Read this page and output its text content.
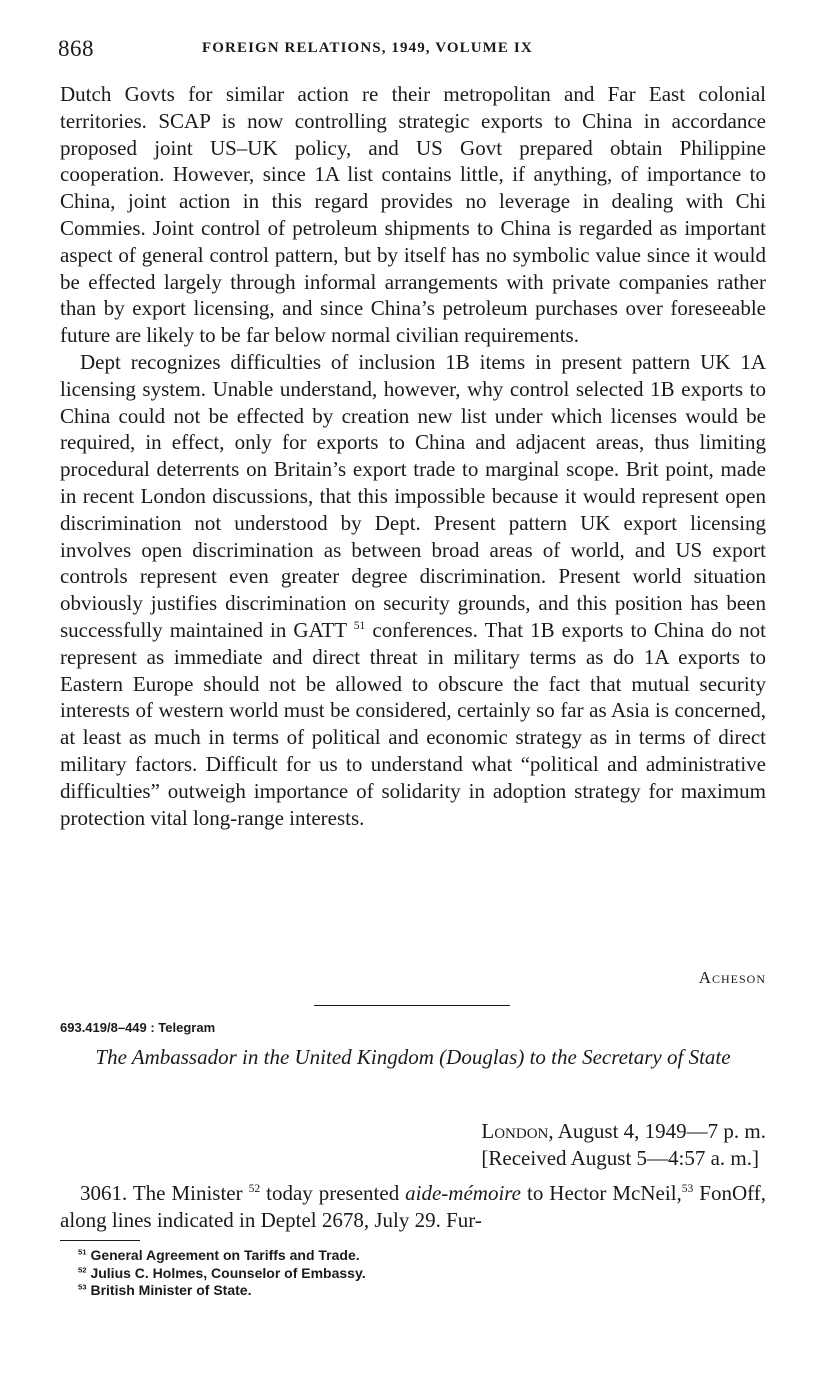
868	FOREIGN RELATIONS, 1949, VOLUME IX

Dutch Govts for similar action re their metropolitan and Far East colonial territories. SCAP is now controlling strategic exports to China in accordance proposed joint US–UK policy, and US Govt prepared obtain Philippine cooperation. However, since 1A list contains little, if anything, of importance to China, joint action in this regard provides no leverage in dealing with Chi Commies. Joint control of petroleum shipments to China is regarded as important aspect of general control pattern, but by itself has no symbolic value since it would be effected largely through informal arrangements with private companies rather than by export licensing, and since China’s petroleum purchases over foreseeable future are likely to be far below normal civilian requirements.

Dept recognizes difficulties of inclusion 1B items in present pattern UK 1A licensing system. Unable understand, however, why control selected 1B exports to China could not be effected by creation new list under which licenses would be required, in effect, only for exports to China and adjacent areas, thus limiting procedural deterrents on Britain’s export trade to marginal scope. Brit point, made in recent London discussions, that this impossible because it would represent open discrimination not understood by Dept. Present pattern UK export licensing involves open discrimination as between broad areas of world, and US export controls represent even greater degree discrimination. Present world situation obviously justifies discrimination on security grounds, and this position has been successfully maintained in GATT $^{51}$ conferences. That 1B exports to China do not represent as immediate and direct threat in military terms as do 1A exports to Eastern Europe should not be allowed to obscure the fact that mutual security interests of western world must be considered, certainly so far as Asia is concerned, at least as much in terms of political and economic strategy as in terms of direct military factors. Difficult for us to understand what “political and administrative difficulties” outweigh importance of solidarity in adoption strategy for maximum protection vital long-range interests.

Acheson
693.419/8–449 : Telegram
The Ambassador in the United Kingdom (Douglas) to the Secretary of State
London, August 4, 1949—7 p. m.
[Received August 5—4:57 a. m.]
3061. The Minister $^{52}$ today presented aide-mémoire to Hector McNeil,$^{53}$ FonOff, along lines indicated in Deptel 2678, July 29. Fur-
$^{51}$ General Agreement on Tariffs and Trade.
$^{52}$ Julius C. Holmes, Counselor of Embassy.
$^{53}$ British Minister of State.
